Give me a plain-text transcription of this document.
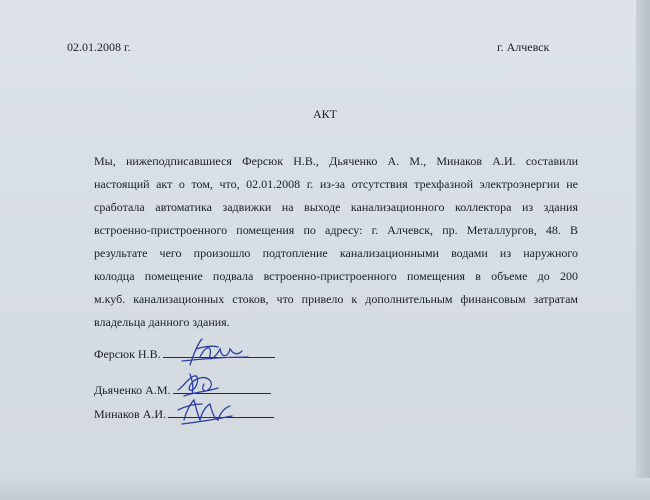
02.01.2008 г.	г. Алчевск
АКТ
Мы, нижеподписавшиеся Ферсюк Н.В., Дьяченко А. М., Минаков А.И. составили
настоящий акт о том, что, 02.01.2008 г. из-за отсутствия трехфазной электроэнергии не
сработала автоматика задвижки на выходе канализационного коллектора из здания
встроенно-пристроенного помещения по адресу: г. Алчевск, пр. Металлургов, 48. В
результате чего произошло подтопление канализационными водами из наружного
колодца помещение подвала встроенно-пристроенного помещения в объеме до 200
м.куб. канализационных стоков, что привело к дополнительным финансовым затратам
владельца данного здания.
Ферсюк Н.В.
Дьяченко А.М.
Минаков А.И.
